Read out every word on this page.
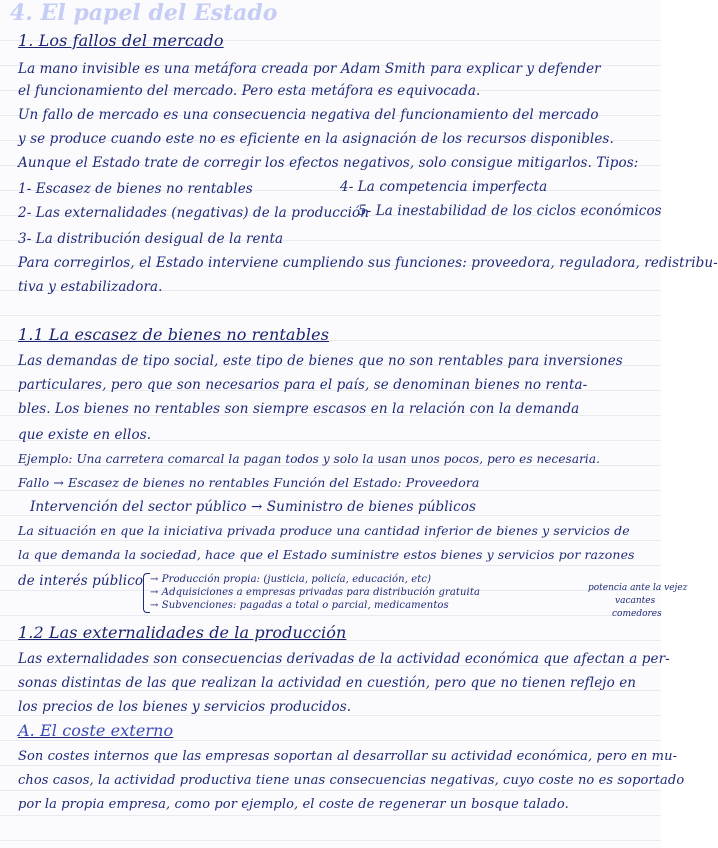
4. El papel del Estado
1. Los fallos del mercado
La mano invisible es una metáfora creada por Adam Smith para explicar y defender
el funcionamiento del mercado. Pero esta metáfora es equivocada.
Un fallo de mercado es una consecuencia negativa del funcionamiento del mercado
y se produce cuando este no es eficiente en la asignación de los recursos disponibles.
Aunque el Estado trate de corregir los efectos negativos, solo consigue mitigarlos. Tipos:
1- Escasez de bienes no rentables	4- La competencia imperfecta
2- Las externalidades (negativas) de la producción
5- La inestabilidad de los ciclos económicos
3- La distribución desigual de la renta
Para corregirlos, el Estado interviene cumpliendo sus funciones: proveedora, reguladora, redistribu-
tiva y estabilizadora.
1.1 La escasez de bienes no rentables
Las demandas de tipo social, este tipo de bienes que no son rentables para inversiones
particulares, pero que son necesarios para el país, se denominan bienes no renta-
bles. Los bienes no rentables son siempre escasos en la relación con la demanda
que existe en ellos.
Ejemplo: Una carretera comarcal la pagan todos y solo la usan unos pocos, pero es necesaria.
Fallo → Escasez de bienes no rentables Función del Estado: Proveedora
Intervención del sector público → Suministro de bienes públicos
La situación en que la iniciativa privada produce una cantidad inferior de bienes y servicios de
la que demanda la sociedad, hace que el Estado suministre estos bienes y servicios por razones
de interés público → Producción propia: (justicia, policía, educación, etc)
→ Adquisiciones a empresas privadas para distribución gratuita
→ Subvenciones: pagadas a total o parcial, medicamentos
potencia ante la vejez
vacantes
comedores
1.2 Las externalidades de la producción
Las externalidades son consecuencias derivadas de la actividad económica que afectan a per-
sonas distintas de las que realizan la actividad en cuestión, pero que no tienen reflejo en
los precios de los bienes y servicios producidos.
A. El coste externo
Son costes internos que las empresas soportan al desarrollar su actividad económica, pero en mu-
chos casos, la actividad productiva tiene unas consecuencias negativas, cuyo coste no es soportado
por la propia empresa, como por ejemplo, el coste de regenerar un bosque talado.
